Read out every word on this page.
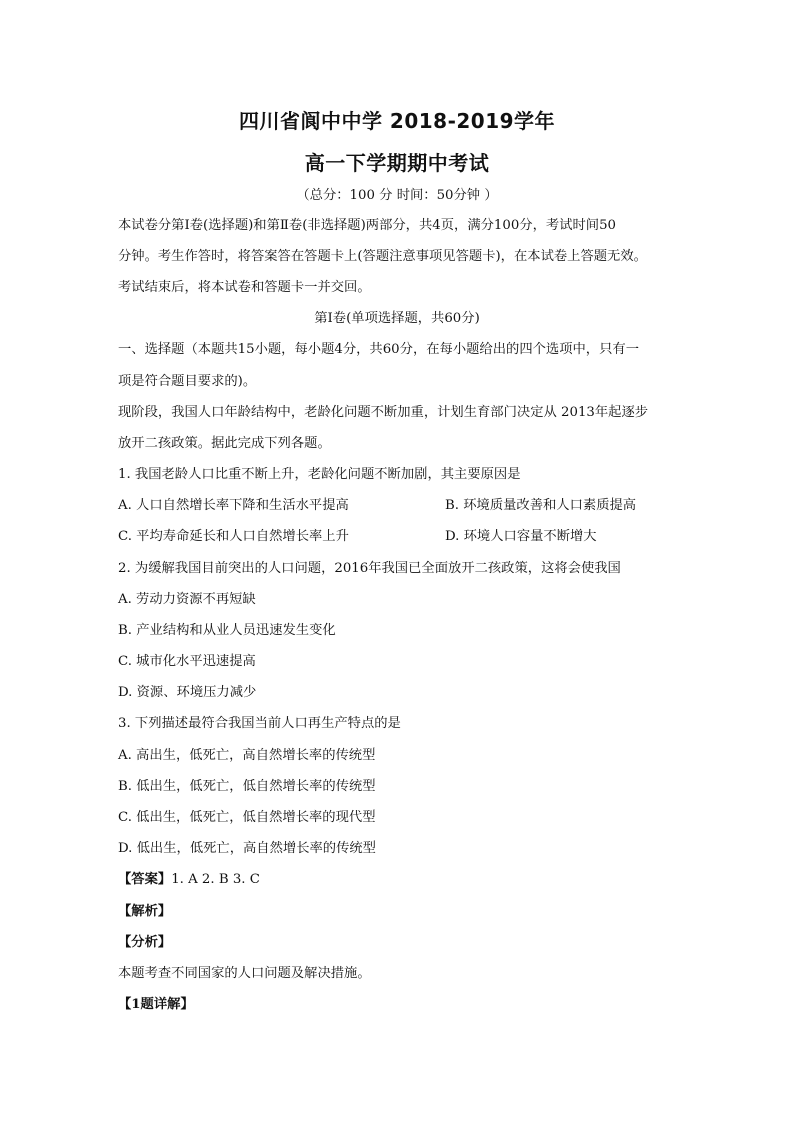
四川省阆中中学 2018-2019学年
高一下学期期中考试
（总分：100 分 时间：50分钟 ）
本试卷分第Ⅰ卷(选择题)和第Ⅱ卷(非选择题)两部分，共4页，满分100分，考试时间50
分钟。考生作答时，将答案答在答题卡上(答题注意事项见答题卡)，在本试卷上答题无效。
考试结束后，将本试卷和答题卡一并交回。
第Ⅰ卷(单项选择题，共60分)
一、选择题（本题共15小题，每小题4分，共60分，在每小题给出的四个选项中，只有一
项是符合题目要求的)。
现阶段，我国人口年龄结构中，老龄化问题不断加重，计划生育部门决定从 2013年起逐步
放开二孩政策。据此完成下列各题。
1. 我国老龄人口比重不断上升，老龄化问题不断加剧，其主要原因是
A. 人口自然增长率下降和生活水平提高	B. 环境质量改善和人口素质提高
C. 平均寿命延长和人口自然增长率上升	D. 环境人口容量不断增大
2. 为缓解我国目前突出的人口问题，2016年我国已全面放开二孩政策，这将会使我国
A. 劳动力资源不再短缺
B. 产业结构和从业人员迅速发生变化
C. 城市化水平迅速提高
D. 资源、环境压力减少
3. 下列描述最符合我国当前人口再生产特点的是
A. 高出生，低死亡，高自然增长率的传统型
B. 低出生，低死亡，低自然增长率的传统型
C. 低出生，低死亡，低自然增长率的现代型
D. 低出生，低死亡，高自然增长率的传统型
【答案】1. A 2. B 3. C
【解析】
【分析】
本题考查不同国家的人口问题及解决措施。
【1题详解】
